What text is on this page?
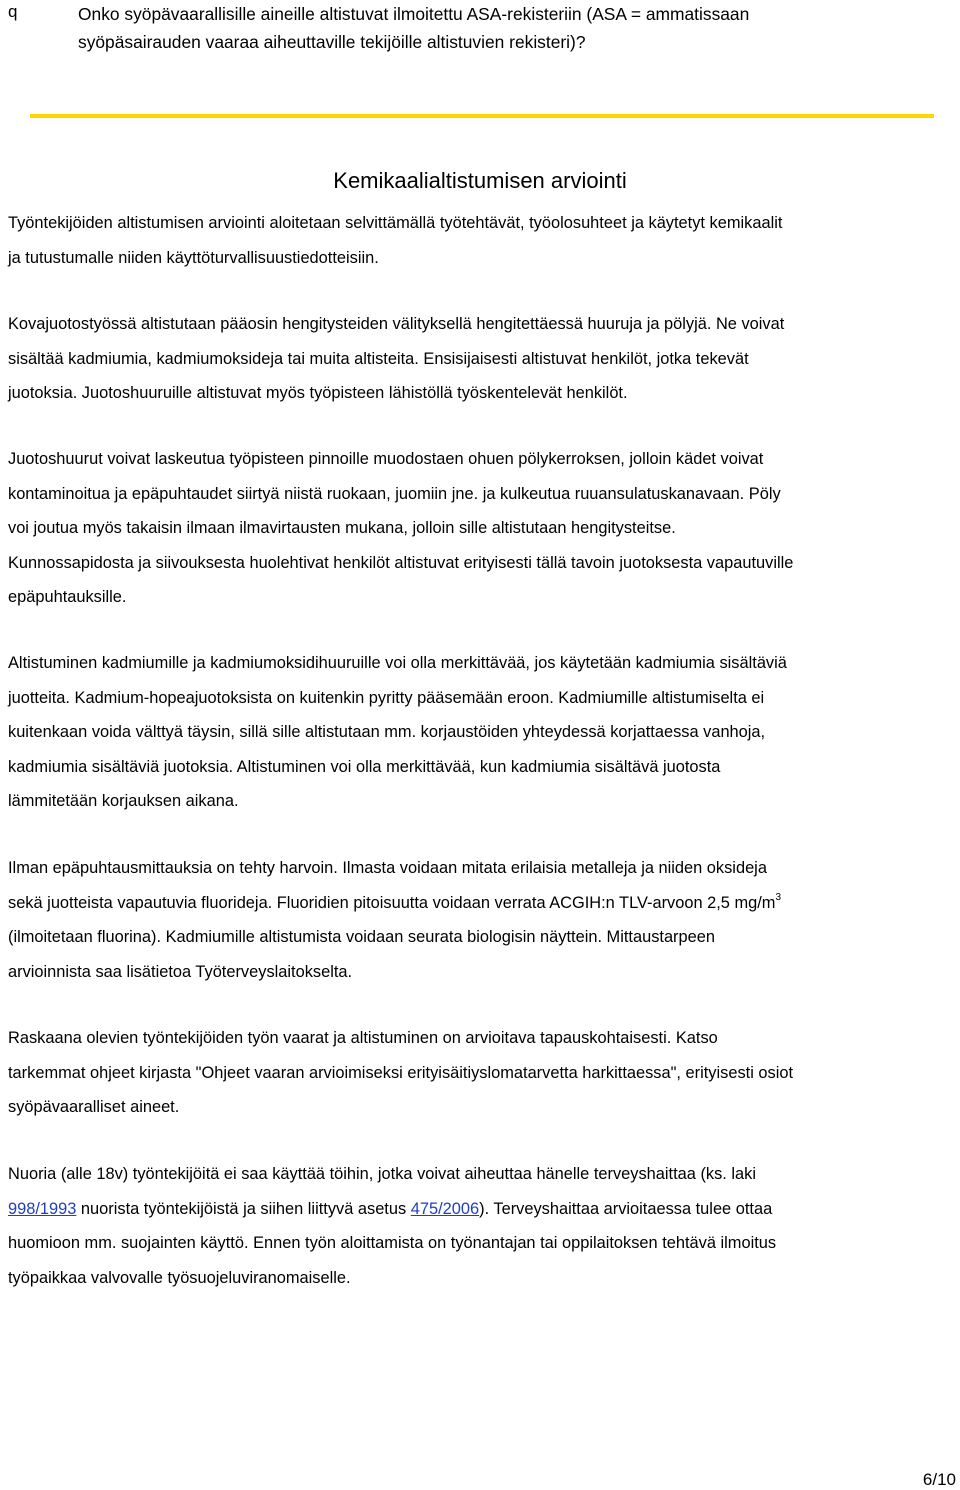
q	Onko syöpävaarallisille aineille altistuvat ilmoitettu ASA-rekisteriin (ASA = ammatissaan
syöpäsairauden vaaraa aiheuttaville tekijöille altistuvien rekisteri)?
Kemikaalialtistumisen arviointi
Työntekijöiden altistumisen arviointi aloitetaan selvittämällä työtehtävät, työolosuhteet ja käytetyt kemikaalit
ja tutustumalle niiden käyttöturvallisuustiedotteisiin.
Kovajuotostyössä altistutaan pääosin hengitysteiden välityksellä hengitettäessä huuruja ja pölyjä. Ne voivat
sisältää kadmiumia, kadmiumoksideja tai muita altisteita. Ensisijaisesti altistuvat henkilöt, jotka tekevät
juotoksia. Juotoshuuruille altistuvat myös työpisteen lähistöllä työskentelevät henkilöt.
Juotoshuurut voivat laskeutua työpisteen pinnoille muodostaen ohuen pölykerroksen, jolloin kädet voivat
kontaminoitua ja epäpuhtaudet siirtyä niistä ruokaan, juomiin jne. ja kulkeutua ruuansulatuskanavaan. Pöly
voi joutua myös takaisin ilmaan ilmavirtausten mukana, jolloin sille altistutaan hengitysteitse.
Kunnossapidosta ja siivouksesta huolehtivat henkilöt altistuvat erityisesti tällä tavoin juotoksesta vapautuville
epäpuhtauksille.
Altistuminen kadmiumille ja kadmiumoksidihuuruille voi olla merkittävää, jos käytetään kadmiumia sisältäviä
juotteita. Kadmium-hopeajuotoksista on kuitenkin pyritty pääsemään eroon. Kadmiumille altistumiselta ei
kuitenkaan voida välttyä täysin, sillä sille altistutaan mm. korjaustöiden yhteydessä korjattaessa vanhoja,
kadmiumia sisältäviä juotoksia. Altistuminen voi olla merkittävää, kun kadmiumia sisältävä juotosta
lämmitetään korjauksen aikana.
Ilman epäpuhtausmittauksia on tehty harvoin. Ilmasta voidaan mitata erilaisia metalleja ja niiden oksideja
sekä juotteista vapautuvia fluorideja. Fluoridien pitoisuutta voidaan verrata ACGIH:n TLV-arvoon 2,5 $mg/m^3$
(ilmoitetaan fluorina). Kadmiumille altistumista voidaan seurata biologisin näyttein. Mittaustarpeen
arvioinnista saa lisätietoa Työterveyslaitokselta.
Raskaana olevien työntekijöiden työn vaarat ja altistuminen on arvioitava tapauskohtaisesti. Katso
tarkemmat ohjeet kirjasta "Ohjeet vaaran arvioimiseksi erityisäitiyslomatarvetta harkittaessa", erityisesti osiot
syöpävaaralliset aineet.
Nuoria (alle 18v) työntekijöitä ei saa käyttää töihin, jotka voivat aiheuttaa hänelle terveyshaittaa (ks. laki
998/1993 nuorista työntekijöistä ja siihen liittyvä asetus 475/2006). Terveyshaittaa arvioitaessa tulee ottaa
huomioon mm. suojainten käyttö. Ennen työn aloittamista on työnantajan tai oppilaitoksen tehtävä ilmoitus
työpaikkaa valvovalle työsuojeluviranomaiselle.
6/10
